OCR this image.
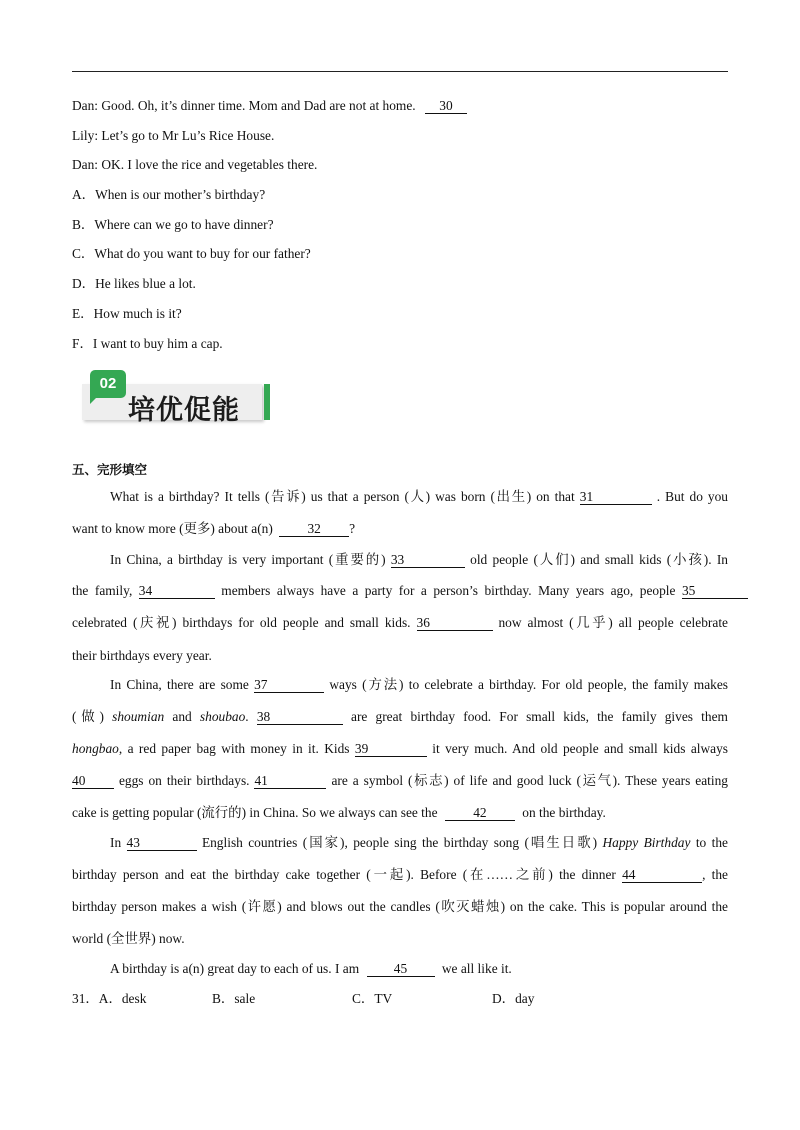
Dan: Good. Oh, it’s dinner time. Mom and Dad are not at home. 30
Lily: Let’s go to Mr Lu’s Rice House.
Dan: OK. I love the rice and vegetables there.
A．When is our mother’s birthday?
B．Where can we go to have dinner?
C．What do you want to buy for our father?
D．He likes blue a lot.
E．How much is it?
F．I want to buy him a cap.
02
培优促能
五、完形填空
What is a birthday? It tells (告诉) us that a person (人) was born (出生) on that 31	. But do you
want to know more (更多) about a(n)	32 ?
In China, a birthday is very important (重要的) 33	old people (人们) and small kids (小孩). In
the family, 34	members always have a party for a person’s birthday. Many years ago, people 35
celebrated (庆祝) birthdays for old people and small kids. 36	now almost (几乎) all people celebrate
their birthdays every year.
In China, there are some 37	ways (方法) to celebrate a birthday. For old people, the family makes
(做) shoumian and shoubao. 38	are great birthday food. For small kids, the family gives them
hongbao, a red paper bag with money in it. Kids 39	it very much. And old people and small kids always
40	eggs on their birthdays. 41	are a symbol (标志) of life and good luck (运气). These years eating
cake is getting popular (流行的) in China. So we always can see the	42	on the birthday.
In 43	English countries (国家), people sing the birthday song (唱生日歌) Happy Birthday to the
birthday person and eat the birthday cake together (一起). Before (在……之前) the dinner 44	, the
birthday person makes a wish (许愿) and blows out the candles (吹灭蜡烛) on the cake. This is popular around the
world (全世界) now.
A birthday is a(n) great day to each of us. I am	45	we all like it.
31．A．desk	B．sale	C．TV	D．day
